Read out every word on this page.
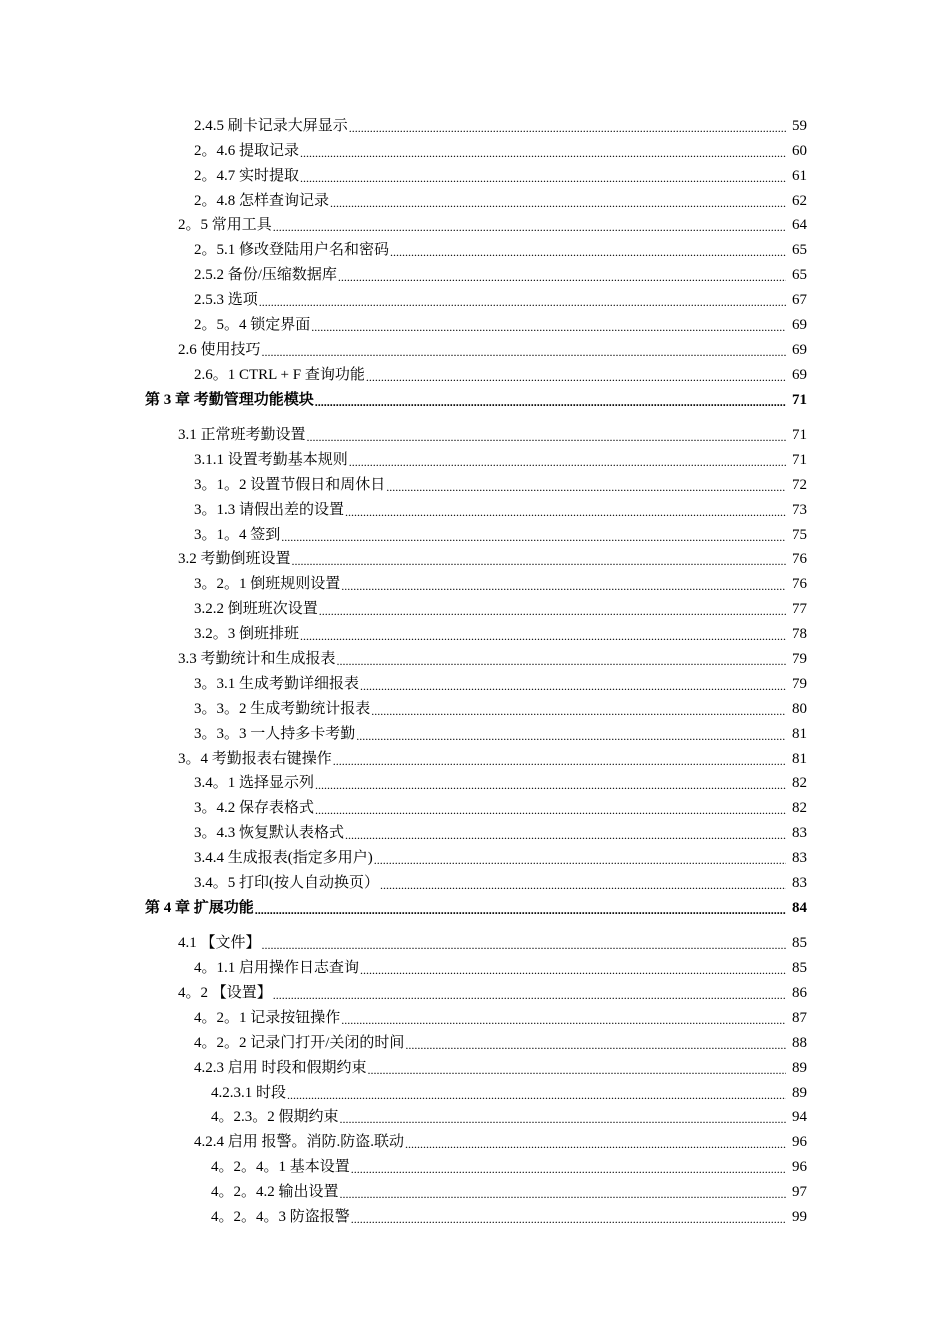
2.4.5 刷卡记录大屏显示 .....	59
2。4.6 提取记录 .....	60
2。4.7 实时提取 .....	61
2。4.8 怎样查询记录 .....	62
2。5 常用工具 .....	64
2。5.1 修改登陆用户名和密码 .....	65
2.5.2 备份/压缩数据库 .....	65
2.5.3 选项 .....	67
2。5。4 锁定界面 .....	69
2.6 使用技巧 .....	69
2.6。1 CTRL + F 查询功能 .....	69
第 3 章 考勤管理功能模块 .....	71
3.1 正常班考勤设置 .....	71
3.1.1 设置考勤基本规则 .....	71
3。1。2 设置节假日和周休日 .....	72
3。1.3 请假出差的设置 .....	73
3。1。4 签到 .....	75
3.2 考勤倒班设置 .....	76
3。2。1 倒班规则设置 .....	76
3.2.2 倒班班次设置 .....	77
3.2。3 倒班排班 .....	78
3.3 考勤统计和生成报表 .....	79
3。3.1 生成考勤详细报表 .....	79
3。3。2 生成考勤统计报表 .....	80
3。3。3 一人持多卡考勤 .....	81
3。4 考勤报表右键操作 .....	81
3.4。1 选择显示列 .....	82
3。4.2 保存表格式 .....	82
3。4.3 恢复默认表格式 .....	83
3.4.4 生成报表(指定多用户) .....	83
3.4。5 打印(按人自动换页） .....	83
第 4 章 扩展功能 .....	84
4.1 【文件】 .....	85
4。1.1 启用操作日志查询 .....	85
4。2 【设置】 .....	86
4。2。1 记录按钮操作 .....	87
4。2。2 记录门打开/关闭的时间 .....	88
4.2.3 启用 时段和假期约束 .....	89
4.2.3.1 时段 .....	89
4。2.3。2 假期约束 .....	94
4.2.4 启用 报警。消防.防盗.联动 .....	96
4。2。4。1 基本设置 .....	96
4。2。4.2 输出设置 .....	97
4。2。4。3 防盗报警 .....	99
